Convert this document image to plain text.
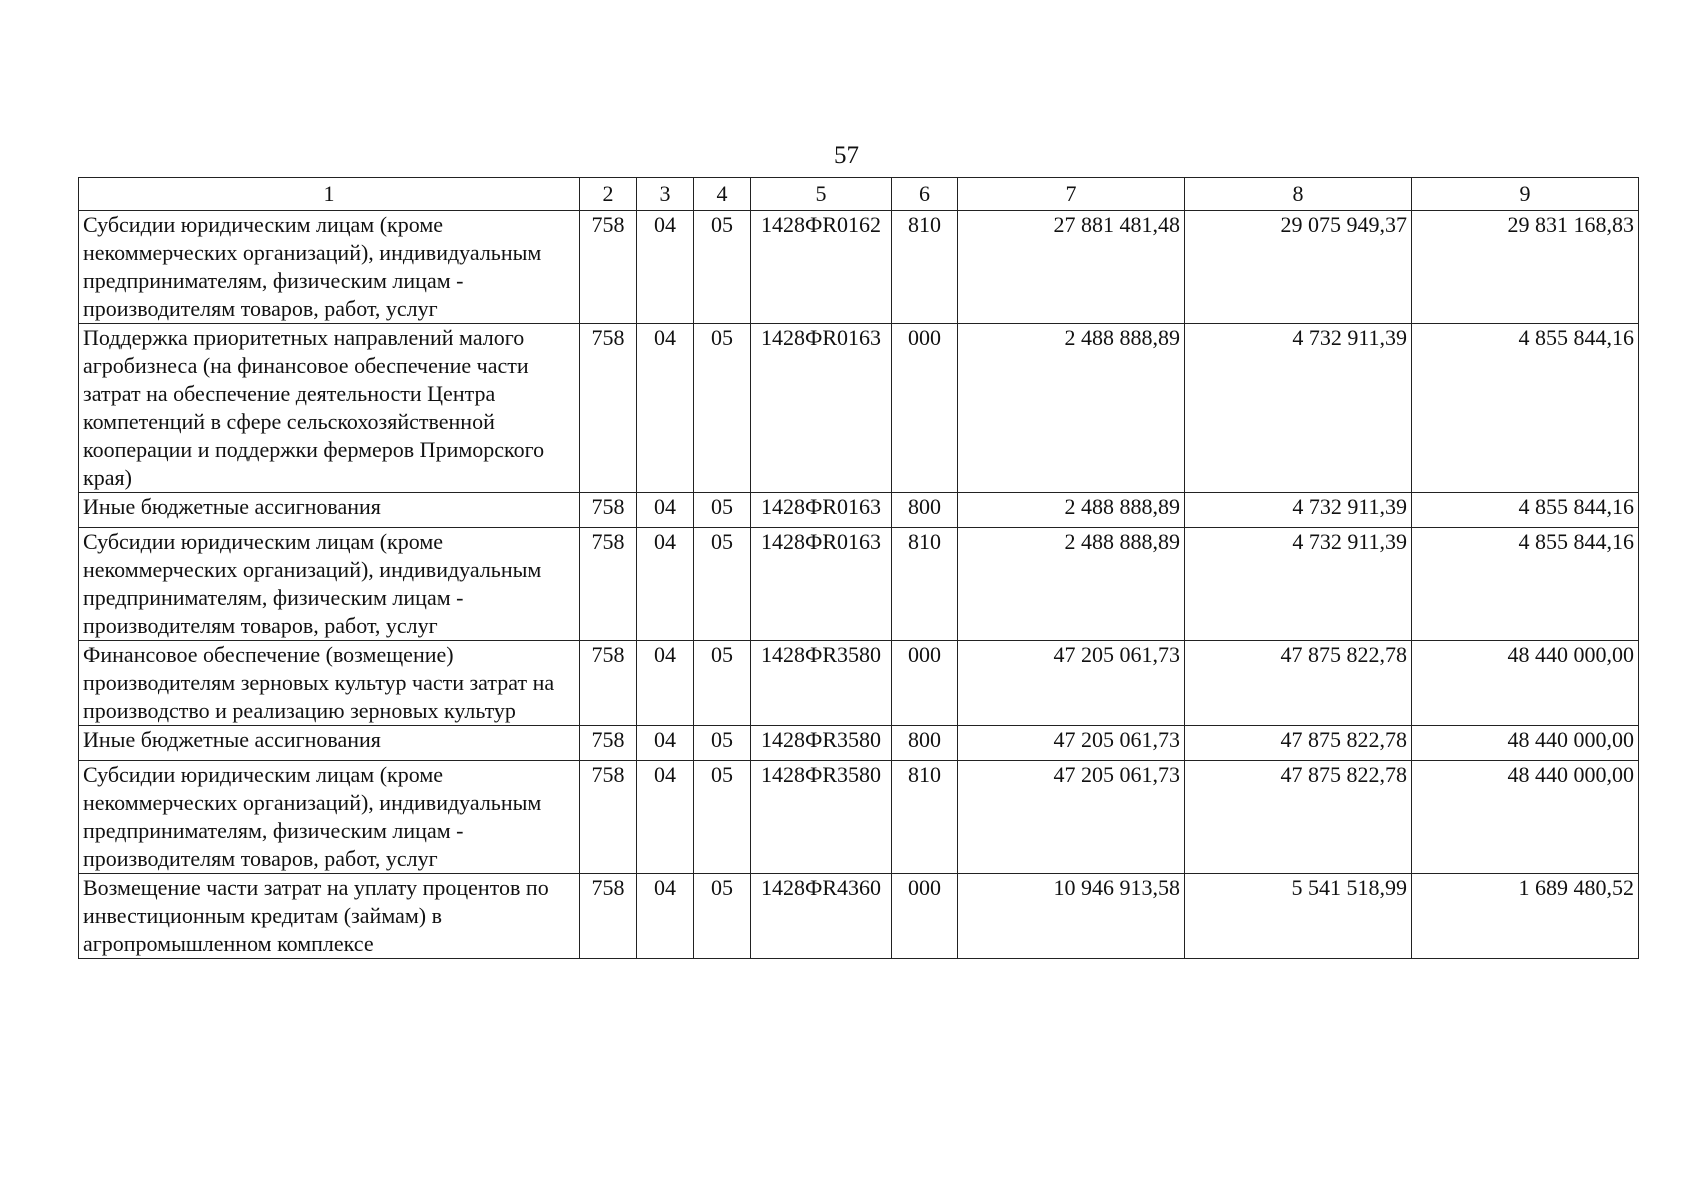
57
1	2	3	4	5	6	7	8	9
Субсидии юридическим лицам (кроме некоммерческих организаций), индивидуальным предпринимателям, физическим лицам - производителям товаров, работ, услуг	758	04	05	1428ФR0162	810	27 881 481,48	29 075 949,37	29 831 168,83
Поддержка приоритетных направлений малого агробизнеса (на финансовое обеспечение части затрат на обеспечение деятельности Центра компетенций в сфере сельскохозяйственной кооперации и поддержки фермеров Приморского края)	758	04	05	1428ФR0163	000	2 488 888,89	4 732 911,39	4 855 844,16
Иные бюджетные ассигнования	758	04	05	1428ФR0163	800	2 488 888,89	4 732 911,39	4 855 844,16
Субсидии юридическим лицам (кроме некоммерческих организаций), индивидуальным предпринимателям, физическим лицам - производителям товаров, работ, услуг	758	04	05	1428ФR0163	810	2 488 888,89	4 732 911,39	4 855 844,16
Финансовое обеспечение (возмещение) производителям зерновых культур части затрат на производство и реализацию зерновых культур	758	04	05	1428ФR3580	000	47 205 061,73	47 875 822,78	48 440 000,00
Иные бюджетные ассигнования	758	04	05	1428ФR3580	800	47 205 061,73	47 875 822,78	48 440 000,00
Субсидии юридическим лицам (кроме некоммерческих организаций), индивидуальным предпринимателям, физическим лицам - производителям товаров, работ, услуг	758	04	05	1428ФR3580	810	47 205 061,73	47 875 822,78	48 440 000,00
Возмещение части затрат на уплату процентов по инвестиционным кредитам (займам) в агропромышленном комплексе	758	04	05	1428ФR4360	000	10 946 913,58	5 541 518,99	1 689 480,52
